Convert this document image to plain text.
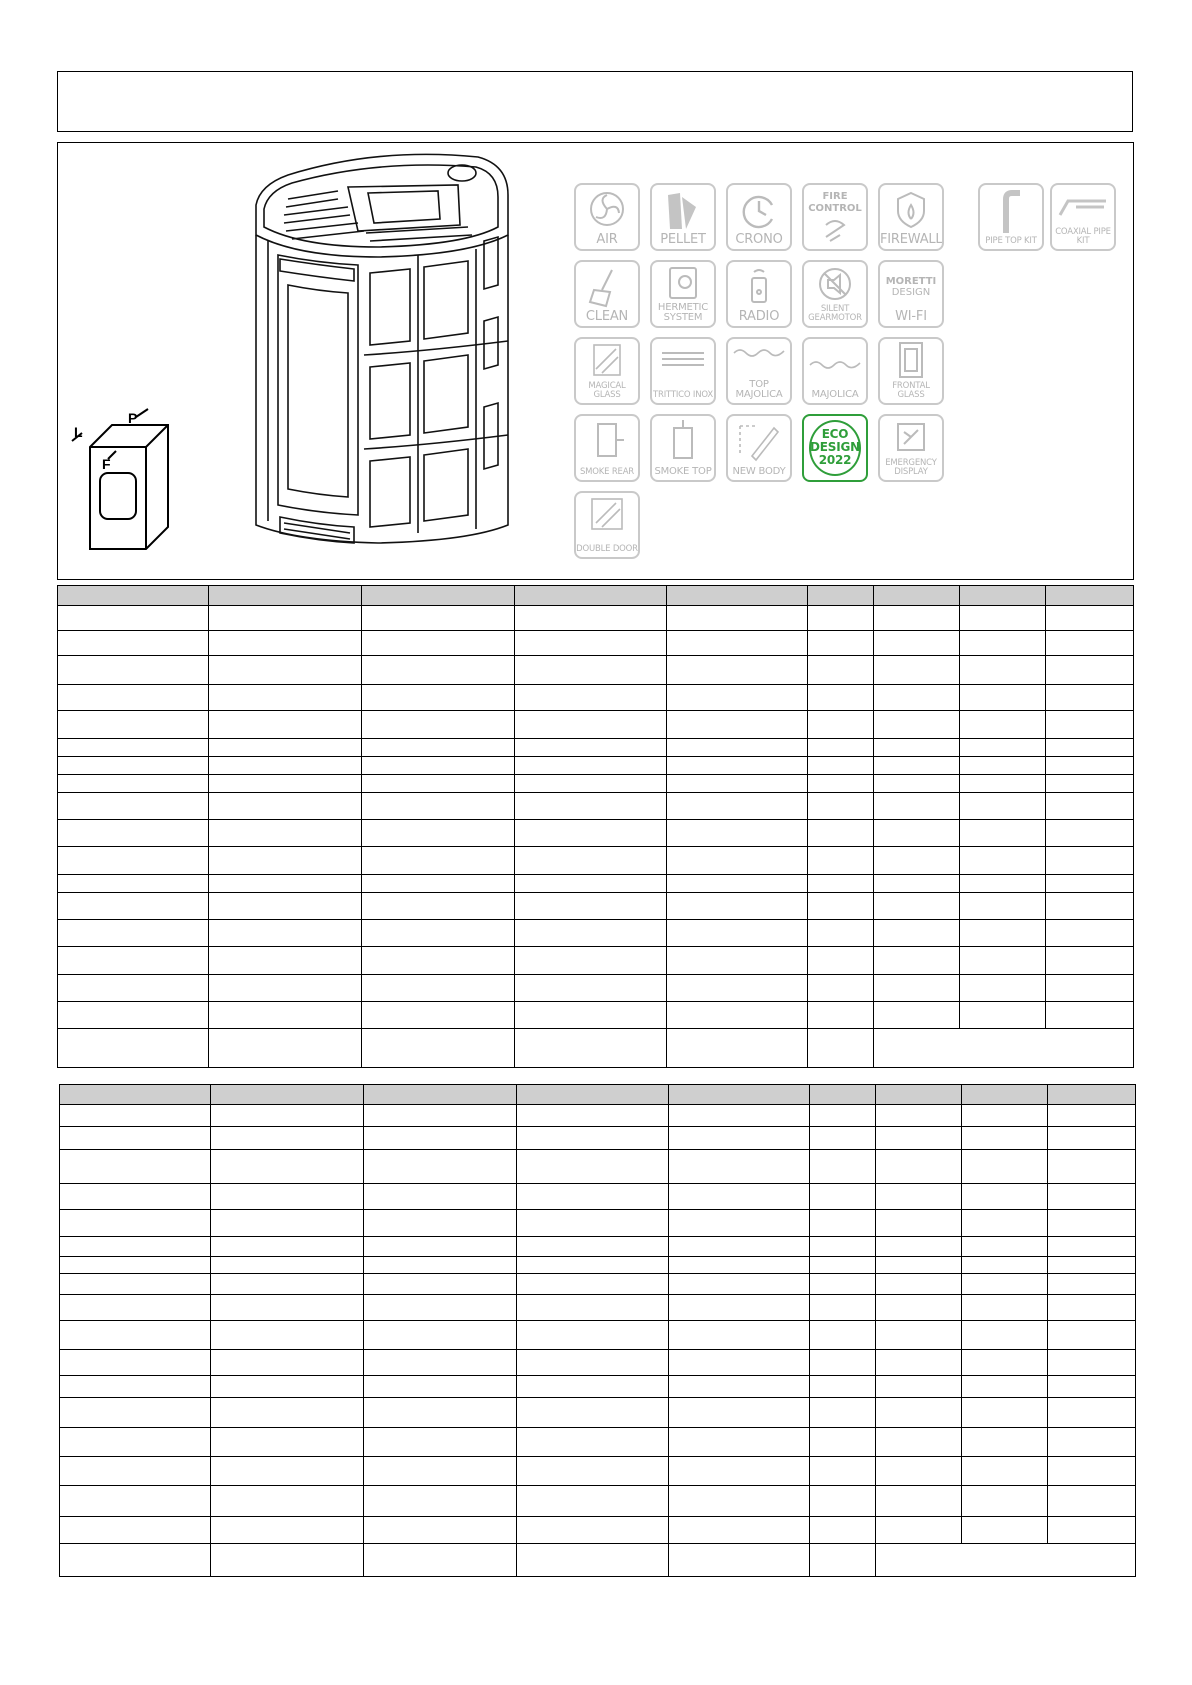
P
L
F
AIR	PELLET	CRONO
FIRE
CONTROL
FIREWALL	PIPE TOP KIT
COAXIAL PIPE KIT
CLEAN
HERMETIC SYSTEM	RADIO	SILENT GEARMOTOR
MORETTI
DESIGN
WI-FI
MAGICAL GLASS	TRITTICO INOX
TOP MAJOLICA	MAJOLICA
FRONTAL GLASS
SMOKE REAR	SMOKE TOP	NEW BODY
ECO DESIGN 2022	EMERGENCY DISPLAY
DOUBLE DOOR
